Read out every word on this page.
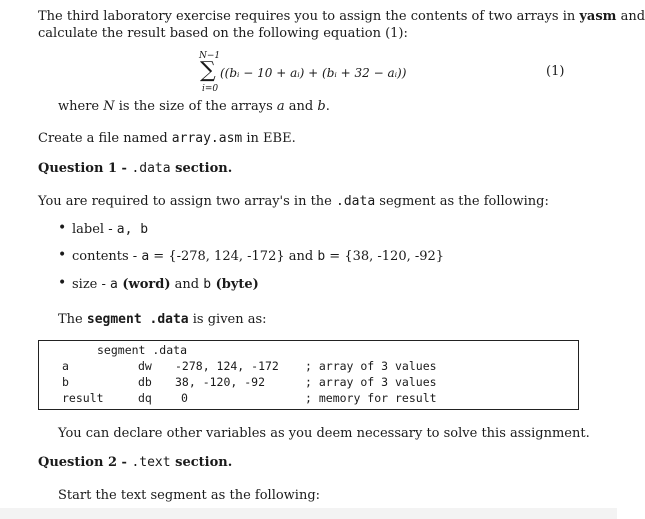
The third laboratory exercise requires you to assign the contents of two arrays in yasm and
calculate the result based on the following equation (1):
N−1
∑ ((bᵢ − 10 + aᵢ) + (bᵢ + 32 − aᵢ))
i=0
(1)
where N is the size of the arrays a and b.
Create a file named array.asm in EBE.
Question 1 - .data section.
You are required to assign two array's in the .data segment as the following:
• label - a, b
• contents - a = {-278, 124, -172} and b = {38, -120, -92}
• size - a (word) and b (byte)
The segment .data is given as:
segment .data
a	dw -278, 124, -172 ; array of 3 values
b	db 38, -120, -92	; array of 3 values
result	dq	0	; memory for result
You can declare other variables as you deem necessary to solve this assignment.
Question 2 - .text section.
Start the text segment as the following:
